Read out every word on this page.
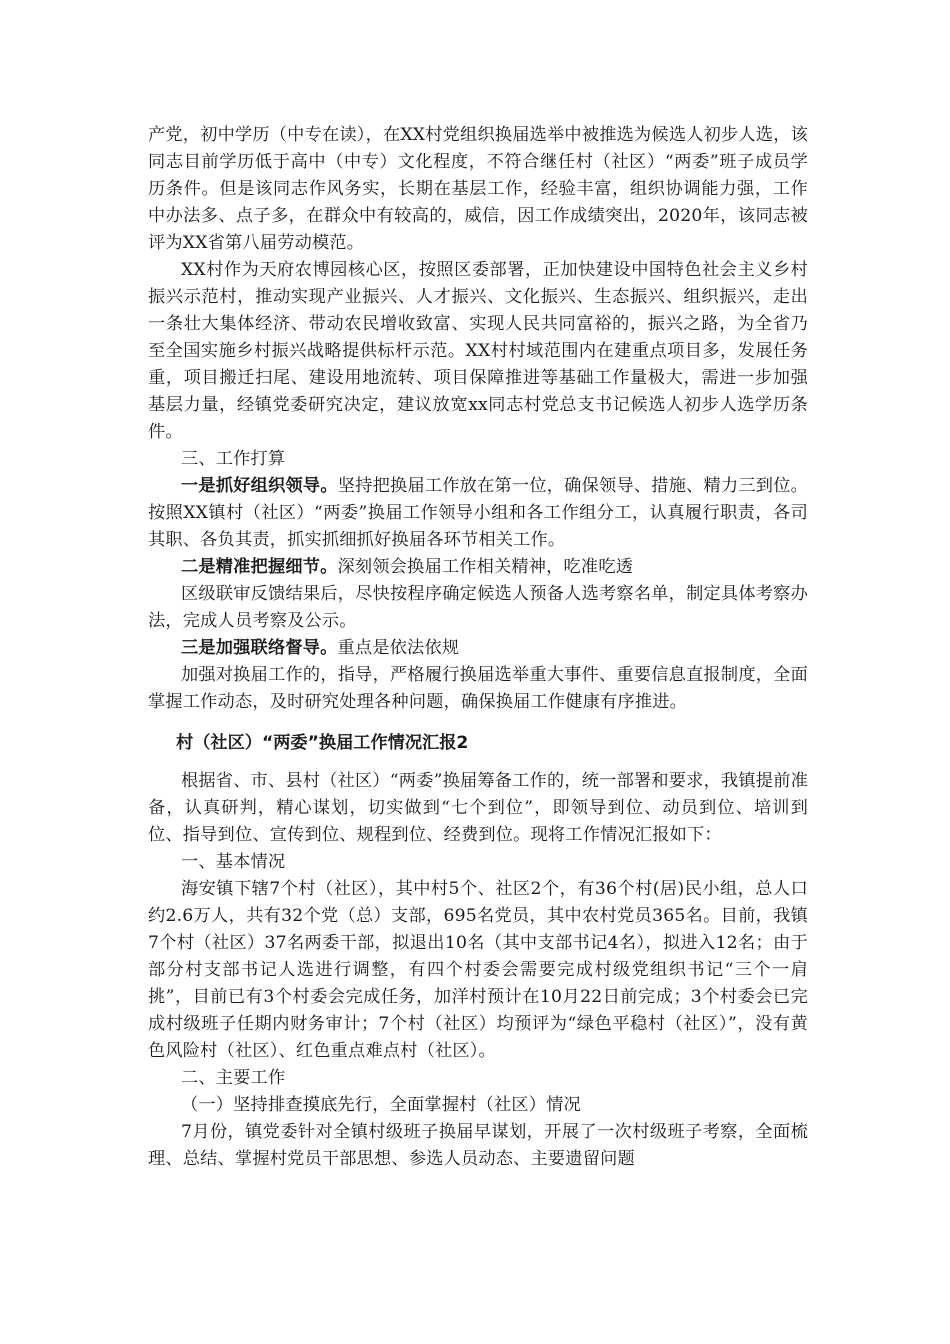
产党，初中学历（中专在读），在XX村党组织换届选举中被推选为候选人初步人选，该同志目前学历低于高中（中专）文化程度，不符合继任村（社区）“两委”班子成员学历条件。但是该同志作风务实，长期在基层工作，经验丰富，组织协调能力强，工作中办法多、点子多，在群众中有较高的，威信，因工作成绩突出，2020年，该同志被评为XX省第八届劳动模范。

XX村作为天府农博园核心区，按照区委部署，正加快建设中国特色社会主义乡村振兴示范村，推动实现产业振兴、人才振兴、文化振兴、生态振兴、组织振兴，走出一条壮大集体经济、带动农民增收致富、实现人民共同富裕的，振兴之路，为全省乃至全国实施乡村振兴战略提供标杆示范。XX村村域范围内在建重点项目多，发展任务重，项目搬迁扫尾、建设用地流转、项目保障推进等基础工作量极大，需进一步加强基层力量，经镇党委研究决定，建议放宽xx同志村党总支书记候选人初步人选学历条件。

三、工作打算

一是抓好组织领导。坚持把换届工作放在第一位，确保领导、措施、精力三到位。按照XX镇村（社区）“两委”换届工作领导小组和各工作组分工，认真履行职责，各司其职、各负其责，抓实抓细抓好换届各环节相关工作。

二是精准把握细节。深刻领会换届工作相关精神，吃准吃透

区级联审反馈结果后，尽快按程序确定候选人预备人选考察名单，制定具体考察办法，完成人员考察及公示。

三是加强联络督导。重点是依法依规

加强对换届工作的，指导，严格履行换届选举重大事件、重要信息直报制度，全面掌握工作动态，及时研究处理各种问题，确保换届工作健康有序推进。

村（社区）“两委”换届工作情况汇报2

根据省、市、县村（社区）“两委”换届筹备工作的，统一部署和要求，我镇提前准备，认真研判，精心谋划，切实做到“七个到位”，即领导到位、动员到位、培训到位、指导到位、宣传到位、规程到位、经费到位。现将工作情况汇报如下：

一、基本情况

海安镇下辖7个村（社区），其中村5个、社区2个，有36个村(居)民小组，总人口约2.6万人，共有32个党（总）支部，695名党员，其中农村党员365名。目前，我镇7个村（社区）37名两委干部，拟退出10名（其中支部书记4名），拟进入12名；由于部分村支部书记人选进行调整，有四个村委会需要完成村级党组织书记“三个一肩挑”，目前已有3个村委会完成任务，加洋村预计在10月22日前完成；3个村委会已完成村级班子任期内财务审计；7个村（社区）均预评为“绿色平稳村（社区）”，没有黄色风险村（社区）、红色重点难点村（社区）。

二、主要工作

（一）坚持排查摸底先行，全面掌握村（社区）情况

7月份，镇党委针对全镇村级班子换届早谋划，开展了一次村级班子考察，全面梳理、总结、掌握村党员干部思想、参选人员动态、主要遗留问题
